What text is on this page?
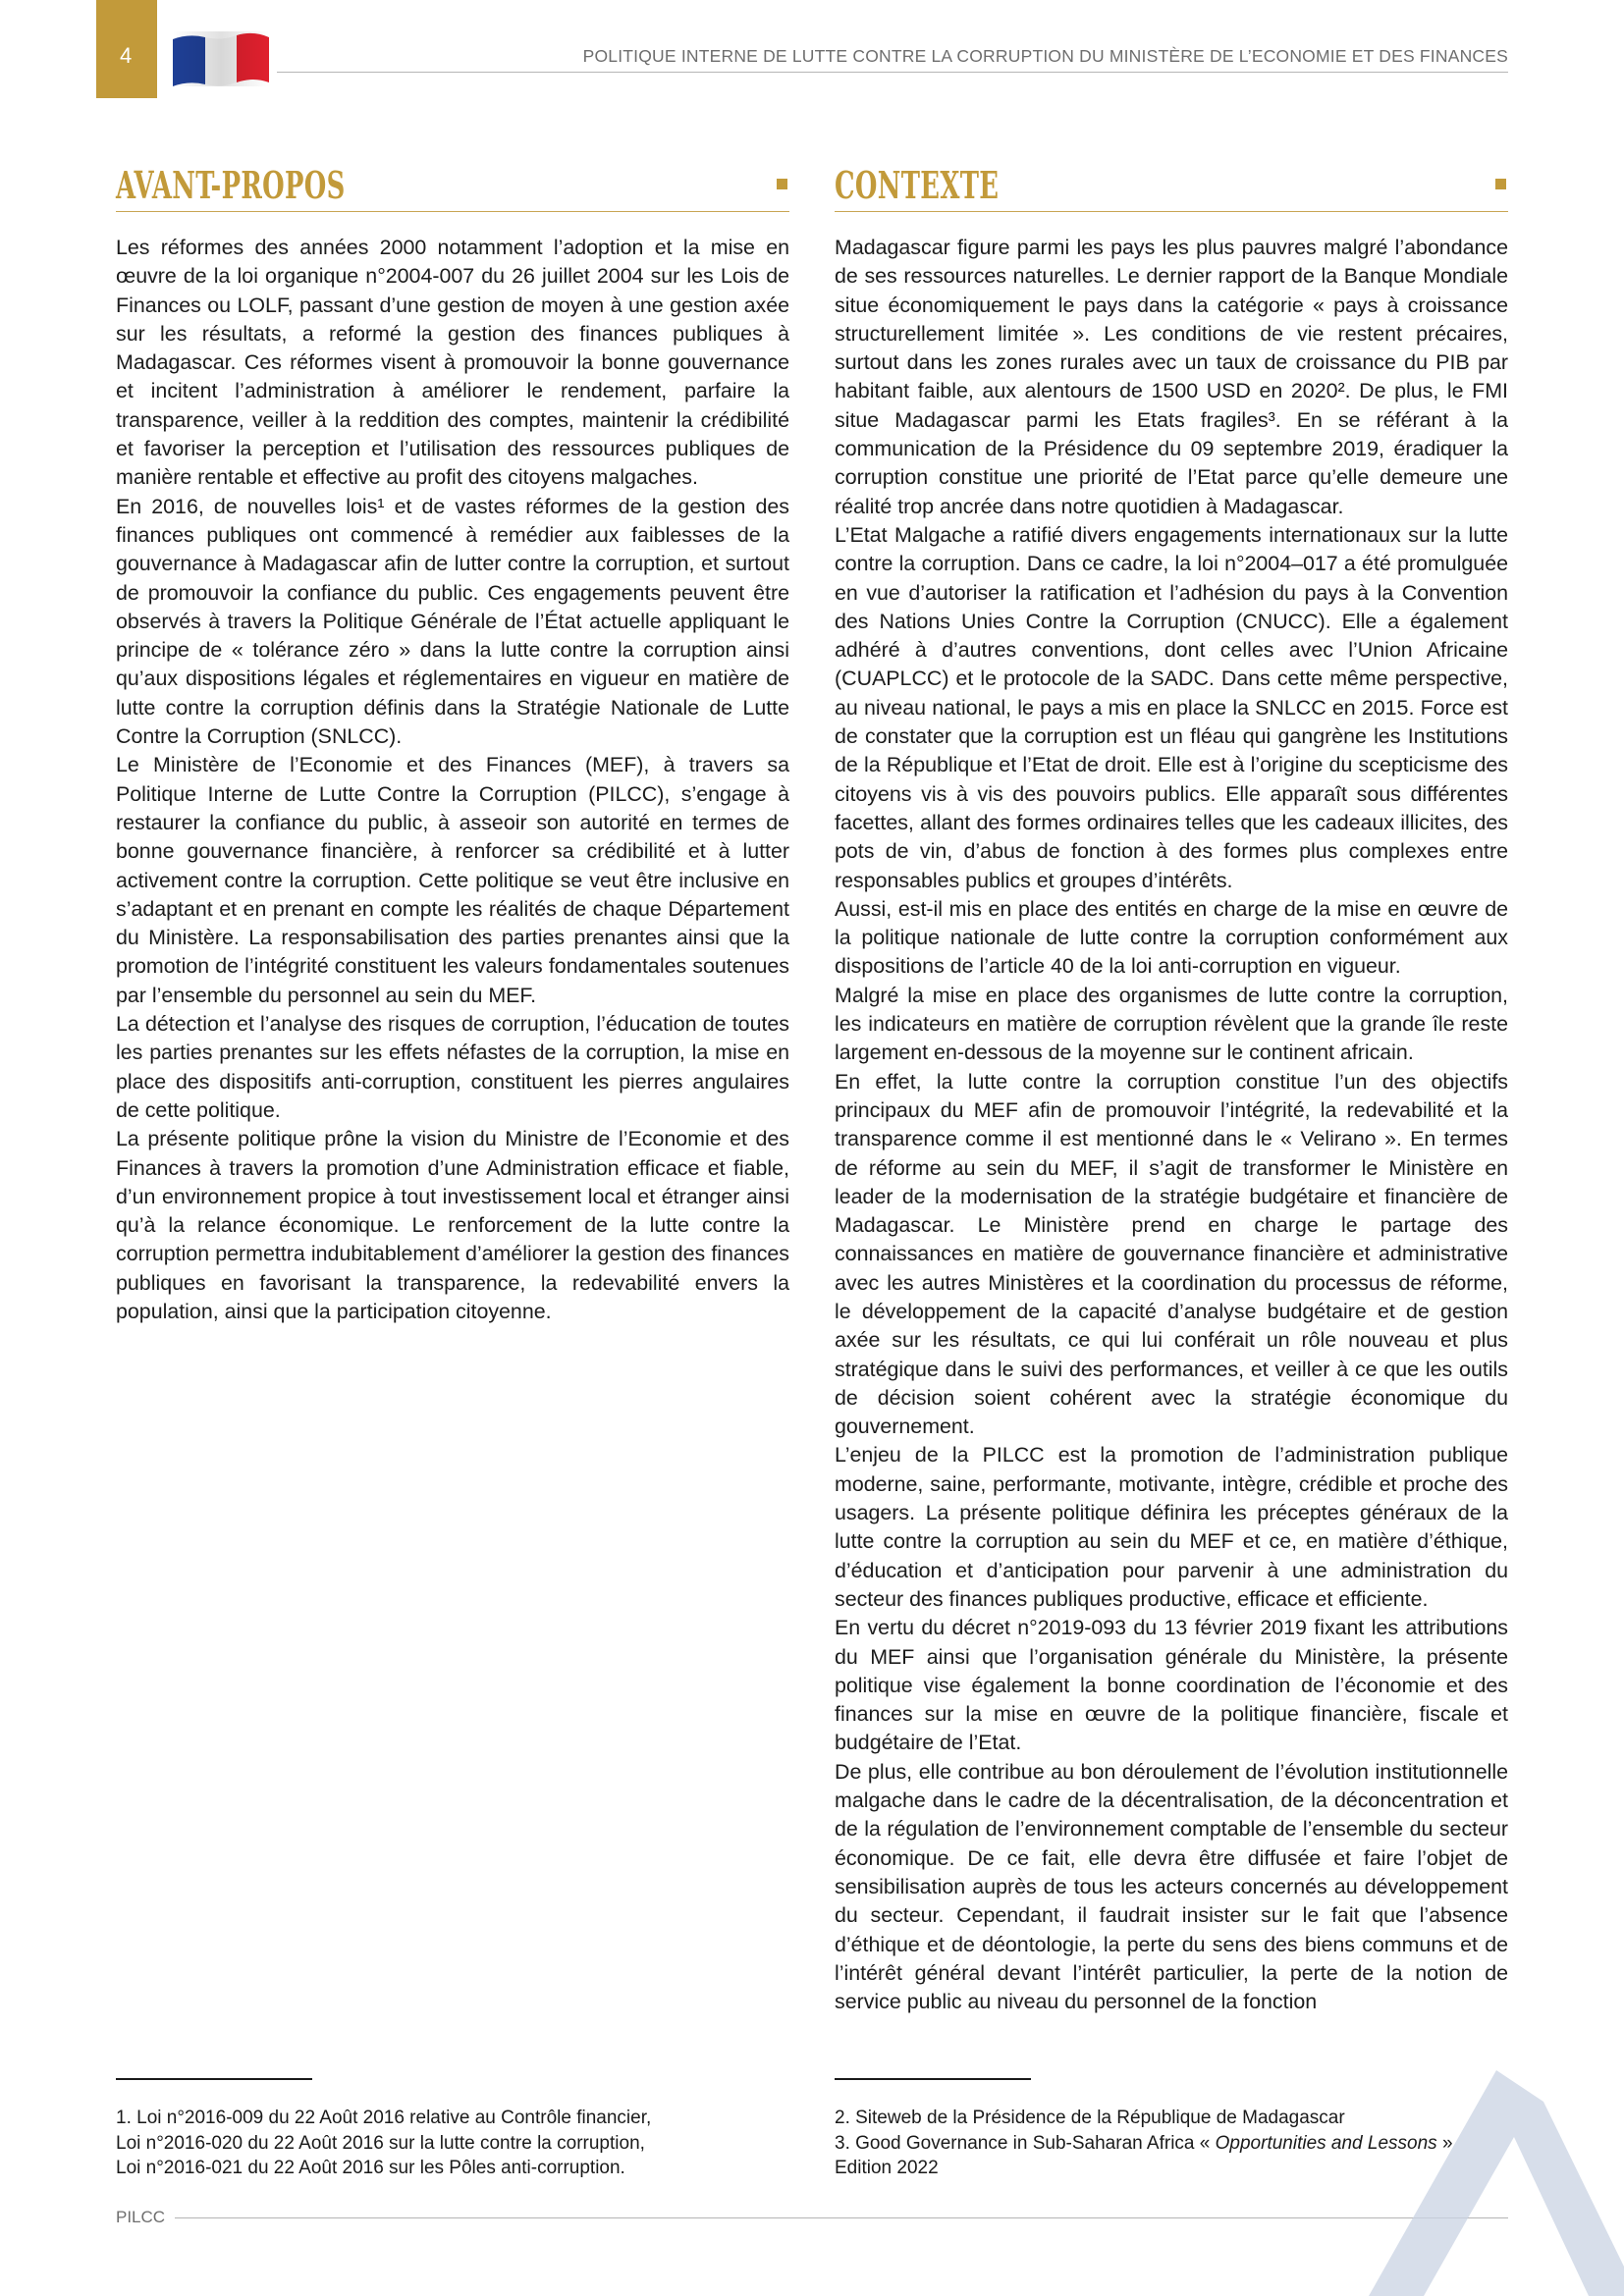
4	POLITIQUE INTERNE DE LUTTE CONTRE LA CORRUPTION DU MINISTÈRE DE L’ECONOMIE ET DES FINANCES
AVANT-PROPOS

Les réformes des années 2000 notamment l’adoption et la mise en œuvre de la loi organique n°2004-007 du 26 juillet 2004 sur les Lois de Finances ou LOLF, passant d’une gestion de moyen à une gestion axée sur les résultats, a reformé la gestion des finances publiques à Madagascar. Ces réformes visent à promouvoir la bonne gouvernance et incitent l’administration à améliorer le rendement, parfaire la transparence, veiller à la reddition des comptes, maintenir la crédibilité et favoriser la perception et l’utilisation des ressources publiques de manière rentable et effective au profit des citoyens malgaches.

En 2016, de nouvelles lois¹ et de vastes réformes de la gestion des finances publiques ont commencé à remédier aux faiblesses de la gouvernance à Madagascar afin de lutter contre la corruption, et surtout de promouvoir la confiance du public. Ces engagements peuvent être observés à travers la Politique Générale de l’État actuelle appliquant le principe de « tolérance zéro » dans la lutte contre la corruption ainsi qu’aux dispositions légales et réglementaires en vigueur en matière de lutte contre la corruption définis dans la Stratégie Nationale de Lutte Contre la Corruption (SNLCC).

Le Ministère de l’Economie et des Finances (MEF), à travers sa Politique Interne de Lutte Contre la Corruption (PILCC), s’engage à restaurer la confiance du public, à asseoir son autorité en termes de bonne gouvernance financière, à renforcer sa crédibilité et à lutter activement contre la corruption. Cette politique se veut être inclusive en s’adaptant et en prenant en compte les réalités de chaque Département du Ministère. La responsabilisation des parties prenantes ainsi que la promotion de l’intégrité constituent les valeurs fondamentales soutenues par l’ensemble du personnel au sein du MEF.

La détection et l’analyse des risques de corruption, l’éducation de toutes les parties prenantes sur les effets néfastes de la corruption, la mise en place des dispositifs anti-corruption, constituent les pierres angulaires de cette politique.

La présente politique prône la vision du Ministre de l’Economie et des Finances à travers la promotion d’une Administration efficace et fiable, d’un environnement propice à tout investissement local et étranger ainsi qu’à la relance économique. Le renforcement de la lutte contre la corruption permettra indubitablement d’améliorer la gestion des finances publiques en favorisant la transparence, la redevabilité envers la population, ainsi que la participation citoyenne.

CONTEXTE

Madagascar figure parmi les pays les plus pauvres malgré l’abondance de ses ressources naturelles. Le dernier rapport de la Banque Mondiale situe économiquement le pays dans la catégorie « pays à croissance structurellement limitée ». Les conditions de vie restent précaires, surtout dans les zones rurales avec un taux de croissance du PIB par habitant faible, aux alentours de 1500 USD en 2020². De plus, le FMI situe Madagascar parmi les Etats fragiles³. En se référant à la communication de la Présidence du 09 septembre 2019, éradiquer la corruption constitue une priorité de l’Etat parce qu’elle demeure une réalité trop ancrée dans notre quotidien à Madagascar.

L’Etat Malgache a ratifié divers engagements internationaux sur la lutte contre la corruption. Dans ce cadre, la loi n°2004–017 a été promulguée en vue d’autoriser la ratification et l’adhésion du pays à la Convention des Nations Unies Contre la Corruption (CNUCC). Elle a également adhéré à d’autres conventions, dont celles avec l’Union Africaine (CUAPLCC) et le protocole de la SADC. Dans cette même perspective, au niveau national, le pays a mis en place la SNLCC en 2015. Force est de constater que la corruption est un fléau qui gangrène les Institutions de la République et l’Etat de droit. Elle est à l’origine du scepticisme des citoyens vis à vis des pouvoirs publics. Elle apparaît sous différentes facettes, allant des formes ordinaires telles que les cadeaux illicites, des pots de vin, d’abus de fonction à des formes plus complexes entre responsables publics et groupes d’intérêts.

Aussi, est-il mis en place des entités en charge de la mise en œuvre de la politique nationale de lutte contre la corruption conformément aux dispositions de l’article 40 de la loi anti-corruption en vigueur.

Malgré la mise en place des organismes de lutte contre la corruption, les indicateurs en matière de corruption révèlent que la grande île reste largement en-dessous de la moyenne sur le continent africain.

En effet, la lutte contre la corruption constitue l’un des objectifs principaux du MEF afin de promouvoir l’intégrité, la redevabilité et la transparence comme il est mentionné dans le « Velirano ». En termes de réforme au sein du MEF, il s’agit de transformer le Ministère en leader de la modernisation de la stratégie budgétaire et financière de Madagascar. Le Ministère prend en charge le partage des connaissances en matière de gouvernance financière et administrative avec les autres Ministères et la coordination du processus de réforme, le développement de la capacité d’analyse budgétaire et de gestion axée sur les résultats, ce qui lui conférait un rôle nouveau et plus stratégique dans le suivi des performances, et veiller à ce que les outils de décision soient cohérent avec la stratégie économique du gouvernement.

L’enjeu de la PILCC est la promotion de l’administration publique moderne, saine, performante, motivante, intègre, crédible et proche des usagers. La présente politique définira les préceptes généraux de la lutte contre la corruption au sein du MEF et ce, en matière d’éthique, d’éducation et d’anticipation pour parvenir à une administration du secteur des finances publiques productive, efficace et efficiente.

En vertu du décret n°2019-093 du 13 février 2019 fixant les attributions du MEF ainsi que l’organisation générale du Ministère, la présente politique vise également la bonne coordination de l’économie et des finances sur la mise en œuvre de la politique financière, fiscale et budgétaire de l’Etat.

De plus, elle contribue au bon déroulement de l’évolution institutionnelle malgache dans le cadre de la décentralisation, de la déconcentration et de la régulation de l’environnement comptable de l’ensemble du secteur économique. De ce fait, elle devra être diffusée et faire l’objet de sensibilisation auprès de tous les acteurs concernés au développement du secteur. Cependant, il faudrait insister sur le fait que l’absence d’éthique et de déontologie, la perte du sens des biens communs et de l’intérêt général devant l’intérêt particulier, la perte de la notion de service public au niveau du personnel de la fonction

1. Loi n°2016-009 du 22 Août 2016 relative au Contrôle financier,

Loi n°2016-020 du 22 Août 2016 sur la lutte contre la corruption,

Loi n°2016-021 du 22 Août 2016 sur les Pôles anti-corruption.

2. Siteweb de la Présidence de la République de Madagascar

3. Good Governance in Sub-Saharan Africa « Opportunities and Lessons »

Edition 2022

PILCC
